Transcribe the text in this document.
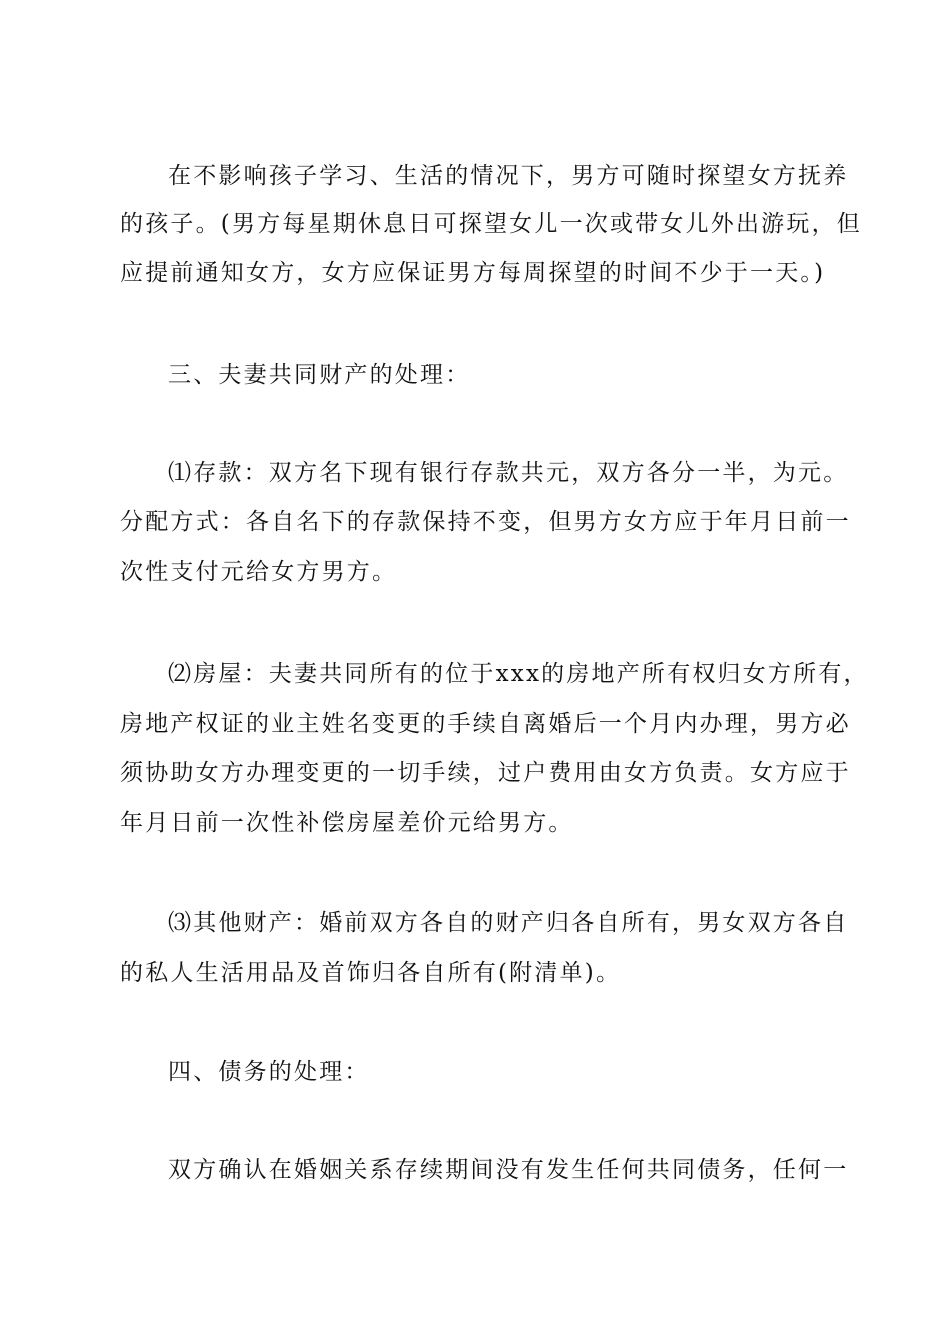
在不影响孩子学习、生活的情况下，男方可随时探望女方抚养
的孩子。(男方每星期休息日可探望女儿一次或带女儿外出游玩，但
应提前通知女方，女方应保证男方每周探望的时间不少于一天。)
三、夫妻共同财产的处理：
⑴存款：双方名下现有银行存款共元，双方各分一半，为元。
分配方式：各自名下的存款保持不变，但男方女方应于年月日前一
次性支付元给女方男方。
⑵房屋：夫妻共同所有的位于xxx的房地产所有权归女方所有，
房地产权证的业主姓名变更的手续自离婚后一个月内办理，男方必
须协助女方办理变更的一切手续，过户费用由女方负责。女方应于
年月日前一次性补偿房屋差价元给男方。
⑶其他财产：婚前双方各自的财产归各自所有，男女双方各自
的私人生活用品及首饰归各自所有(附清单)。
四、债务的处理：
双方确认在婚姻关系存续期间没有发生任何共同债务，任何一
